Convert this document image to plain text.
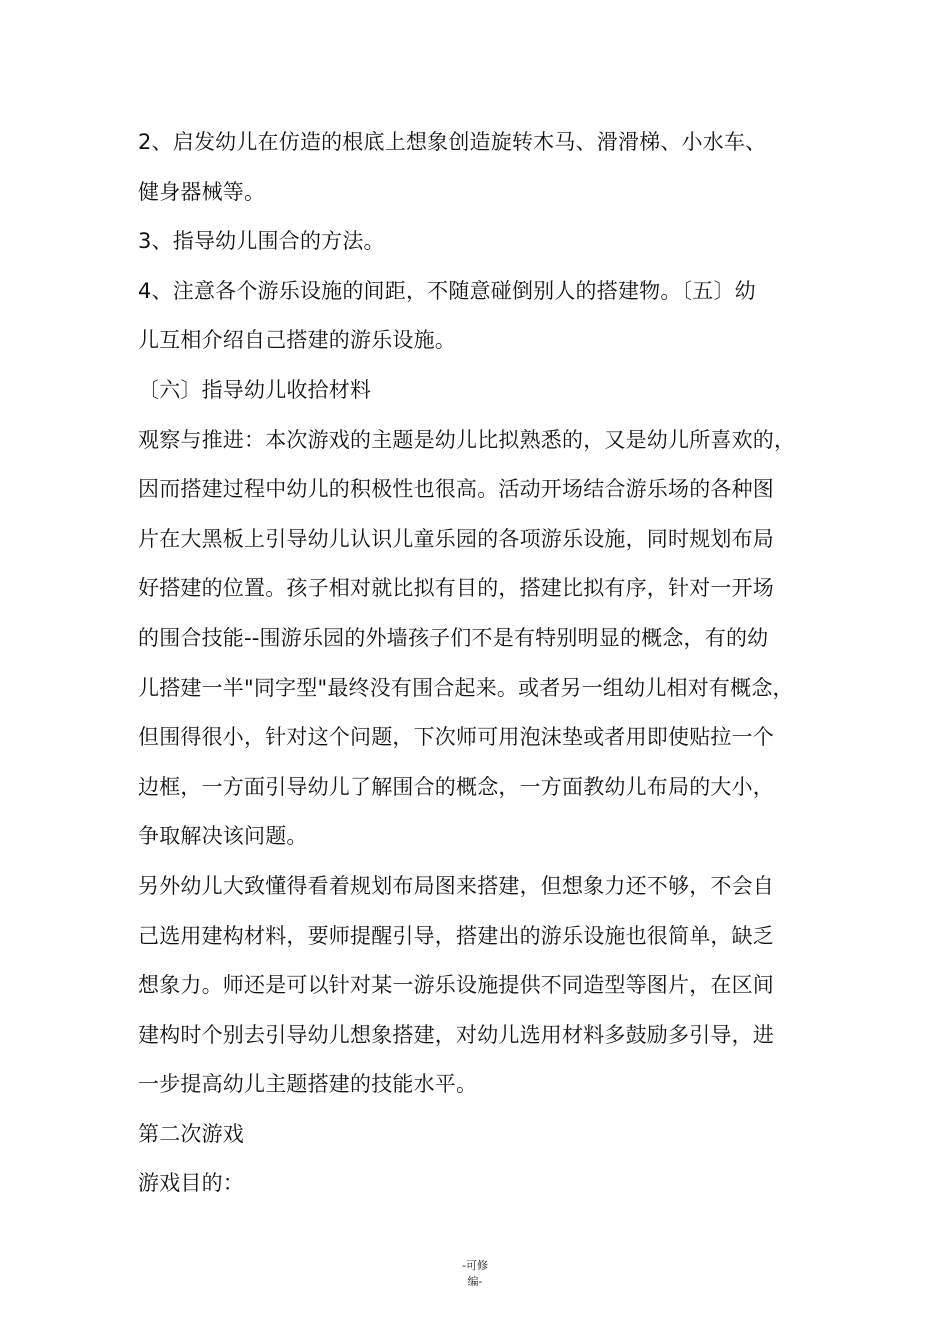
2、启发幼儿在仿造的根底上想象创造旋转木马、滑滑梯、小水车、
健身器械等。
3、指导幼儿围合的方法。
4、注意各个游乐设施的间距，不随意碰倒别人的搭建物。〔五〕幼
儿互相介绍自己搭建的游乐设施。
〔六〕指导幼儿收拾材料
观察与推进：本次游戏的主题是幼儿比拟熟悉的，又是幼儿所喜欢的，
因而搭建过程中幼儿的积极性也很高。活动开场结合游乐场的各种图
片在大黑板上引导幼儿认识儿童乐园的各项游乐设施，同时规划布局
好搭建的位置。孩子相对就比拟有目的，搭建比拟有序，针对一开场
的围合技能--围游乐园的外墙孩子们不是有特别明显的概念，有的幼
儿搭建一半"同字型"最终没有围合起来。或者另一组幼儿相对有概念，
但围得很小，针对这个问题，下次师可用泡沫垫或者用即使贴拉一个
边框，一方面引导幼儿了解围合的概念，一方面教幼儿布局的大小，
争取解决该问题。
另外幼儿大致懂得看着规划布局图来搭建，但想象力还不够，不会自
己选用建构材料，要师提醒引导，搭建出的游乐设施也很简单，缺乏
想象力。师还是可以针对某一游乐设施提供不同造型等图片，在区间
建构时个别去引导幼儿想象搭建，对幼儿选用材料多鼓励多引导，进
一步提高幼儿主题搭建的技能水平。
第二次游戏
游戏目的：
-可修
编-
